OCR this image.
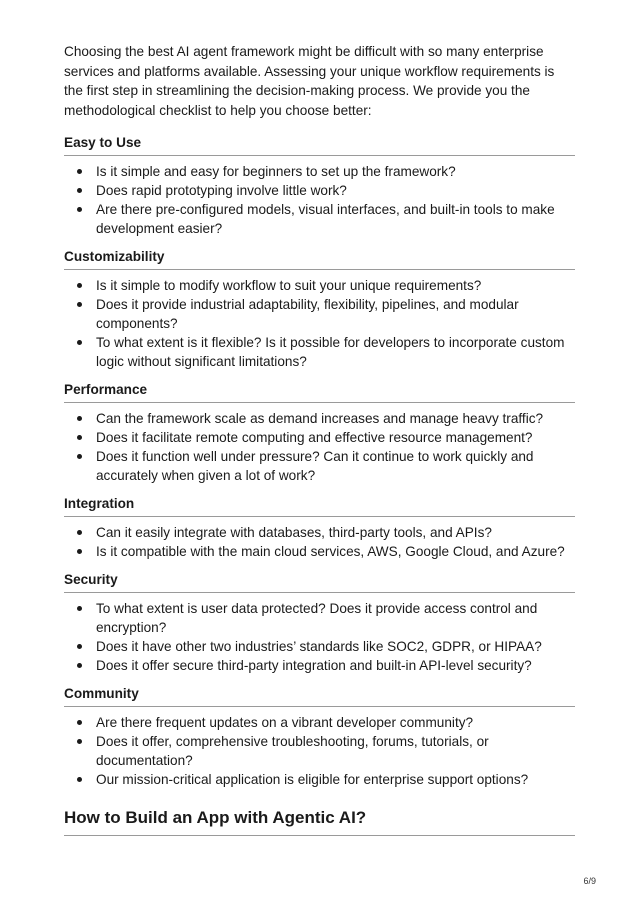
Choosing the best AI agent framework might be difficult with so many enterprise services and platforms available. Assessing your unique workflow requirements is the first step in streamlining the decision-making process. We provide you the methodological checklist to help you choose better:

Easy to Use
Is it simple and easy for beginners to set up the framework?
Does rapid prototyping involve little work?
Are there pre-configured models, visual interfaces, and built-in tools to make development easier?
Customizability
Is it simple to modify workflow to suit your unique requirements?
Does it provide industrial adaptability, flexibility, pipelines, and modular components?
To what extent is it flexible? Is it possible for developers to incorporate custom logic without significant limitations?
Performance
Can the framework scale as demand increases and manage heavy traffic?
Does it facilitate remote computing and effective resource management?
Does it function well under pressure? Can it continue to work quickly and accurately when given a lot of work?
Integration
Can it easily integrate with databases, third-party tools, and APIs?
Is it compatible with the main cloud services, AWS, Google Cloud, and Azure?
Security
To what extent is user data protected? Does it provide access control and encryption?
Does it have other two industries’ standards like SOC2, GDPR, or HIPAA?
Does it offer secure third-party integration and built-in API-level security?
Community
Are there frequent updates on a vibrant developer community?
Does it offer, comprehensive troubleshooting, forums, tutorials, or documentation?
Our mission-critical application is eligible for enterprise support options?
How to Build an App with Agentic AI?
6/9
